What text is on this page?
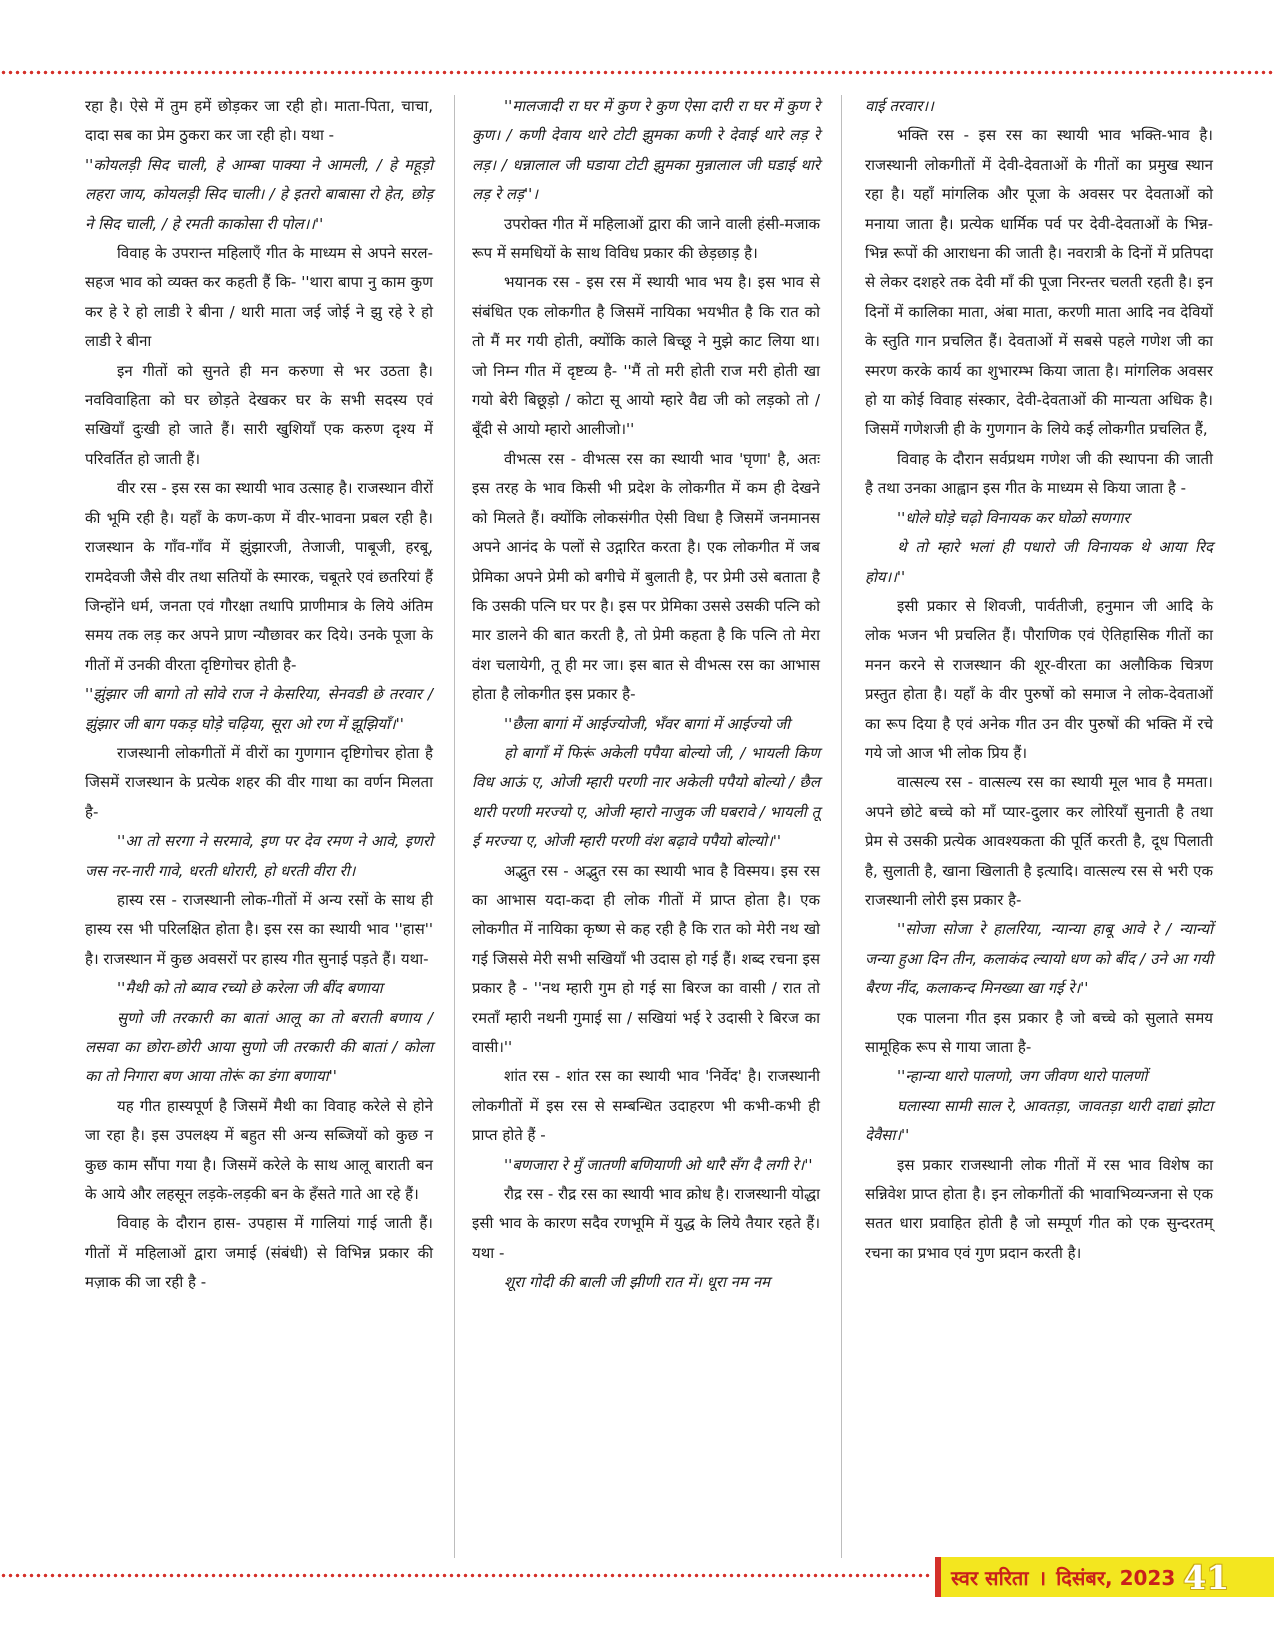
रहा है। ऐसे में तुम हमें छोड़कर जा रही हो। माता-पिता, चाचा, दादा सब का प्रेम ठुकरा कर जा रही हो। यथा -

''कोयलड़ी सिद चाली, हे आम्बा पाक्या ने आमली, / हे महूड़ो लहरा जाय, कोयलड़ी सिद चाली। / हे इतरो बाबासा रो हेत, छोड़ ने सिद चाली, / हे रमती काकोसा री पोल।।''

विवाह के उपरान्त महिलाएँ गीत के माध्यम से अपने सरल-सहज भाव को व्यक्त कर कहती हैं कि- ''थारा बापा नु काम कुण कर हे रे हो लाडी रे बीना / थारी माता जई जोई ने झु रहे रे हो लाडी रे बीना

इन गीतों को सुनते ही मन करुणा से भर उठता है। नवविवाहिता को घर छोड़ते देखकर घर के सभी सदस्य एवं सखियाँ दुःखी हो जाते हैं। सारी खुशियाँ एक करुण दृश्य में परिवर्तित हो जाती हैं।

वीर रस - इस रस का स्थायी भाव उत्साह है। राजस्थान वीरों की भूमि रही है। यहाँ के कण-कण में वीर-भावना प्रबल रही है। राजस्थान के गाँव-गाँव में झुंझारजी, तेजाजी, पाबूजी, हरबू, रामदेवजी जैसे वीर तथा सतियों के स्मारक, चबूतरे एवं छतरियां हैं जिन्होंने धर्म, जनता एवं गौरक्षा तथापि प्राणीमात्र के लिये अंतिम समय तक लड़ कर अपने प्राण न्यौछावर कर दिये। उनके पूजा के गीतों में उनकी वीरता दृष्टिगोचर होती है-

''झुंझार जी बागो तो सोवे राज ने केसरिया, सेनवडी छे तरवार / झुंझार जी बाग पकड़ घोड़े चढ़िया, सूरा ओ रण में झूझियाँ।''

राजस्थानी लोकगीतों में वीरों का गुणगान दृष्टिगोचर होता है जिसमें राजस्थान के प्रत्येक शहर की वीर गाथा का वर्णन मिलता है-

''आ तो सरगा ने सरमावे, इण पर देव रमण ने आवे, इणरो जस नर-नारी गावे, धरती धोरारी, हो धरती वीरा री।

हास्य रस - राजस्थानी लोक-गीतों में अन्य रसों के साथ ही हास्य रस भी परिलक्षित होता है। इस रस का स्थायी भाव ''हास'' है। राजस्थान में कुछ अवसरों पर हास्य गीत सुनाई पड़ते हैं। यथा-

''मैथी को तो ब्याव रच्यो छे करेला जी बींद बणाया

सुणो जी तरकारी का बातां आलू का तो बराती बणाय / लसवा का छोरा-छोरी आया सुणो जी तरकारी की बातां / कोला का तो निगारा बण आया तोरूं का डंगा बणाया''

यह गीत हास्यपूर्ण है जिसमें मैथी का विवाह करेले से होने जा रहा है। इस उपलक्ष्य में बहुत सी अन्य सब्जियों को कुछ न कुछ काम सौंपा गया है। जिसमें करेले के साथ आलू बाराती बन के आये और लहसून लड़के-लड़की बन के हँसते गाते आ रहे हैं।

विवाह के दौरान हास- उपहास में गालियां गाई जाती हैं। गीतों में महिलाओं द्वारा जमाई (संबंधी) से विभिन्न प्रकार की मज़ाक की जा रही है -

''मालजादी रा घर में कुण रे कुण ऐसा दारी रा घर में कुण रे कुण। / कणी देवाय थारे टोटी झुमका कणी रे देवाई थारे लड़ रे लड़। / धन्नालाल जी घडाया टोटी झुमका मुन्नालाल जी घडाई थारे लड़ रे लड़''।

उपरोक्त गीत में महिलाओं द्वारा की जाने वाली हंसी-मजाक रूप में समधियों के साथ विविध प्रकार की छेड़छाड़ है।

भयानक रस - इस रस में स्थायी भाव भय है। इस भाव से संबंधित एक लोकगीत है जिसमें नायिका भयभीत है कि रात को तो मैं मर गयी होती, क्योंकि काले बिच्छू ने मुझे काट लिया था। जो निम्न गीत में दृष्टव्य है- ''मैं तो मरी होती राज मरी होती खा गयो बेरी बिछूड़ो / कोटा सू आयो म्हारे वैद्य जी को लड़को तो / बूँदी से आयो म्हारो आलीजो।''

वीभत्स रस - वीभत्स रस का स्थायी भाव 'घृणा' है, अतः इस तरह के भाव किसी भी प्रदेश के लोकगीत में कम ही देखने को मिलते हैं। क्योंकि लोकसंगीत ऐसी विधा है जिसमें जनमानस अपने आनंद के पलों से उद्गारित करता है। एक लोकगीत में जब प्रेमिका अपने प्रेमी को बगीचे में बुलाती है, पर प्रेमी उसे बताता है कि उसकी पत्नि घर पर है। इस पर प्रेमिका उससे उसकी पत्नि को मार डालने की बात करती है, तो प्रेमी कहता है कि पत्नि तो मेरा वंश चलायेगी, तू ही मर जा। इस बात से वीभत्स रस का आभास होता है लोकगीत इस प्रकार है-

''छैला बागां में आईज्योजी, भँवर बागां में आईज्यो जी

हो बागाँ में फिरूं अकेली पपैया बोल्यो जी, / भायली किण विध आऊं ए, ओजी म्हारी परणी नार अकेली पपैयो बोल्यो / छैल थारी परणी मरज्यो ए, ओजी म्हारो नाजुक जी घबरावे / भायली तू ई मरज्या ए, ओजी म्हारी परणी वंश बढ़ावे पपैयो बोल्यो।''

अद्भुत रस - अद्भुत रस का स्थायी भाव है विस्मय। इस रस का आभास यदा-कदा ही लोक गीतों में प्राप्त होता है। एक लोकगीत में नायिका कृष्ण से कह रही है कि रात को मेरी नथ खो गई जिससे मेरी सभी सखियाँ भी उदास हो गई हैं। शब्द रचना इस प्रकार है - ''नथ म्हारी गुम हो गई सा बिरज का वासी / रात तो रमताँ म्हारी नथनी गुमाई सा / सखियां भई रे उदासी रे बिरज का वासी।''

शांत रस - शांत रस का स्थायी भाव 'निर्वेद' है। राजस्थानी लोकगीतों में इस रस से सम्बन्धित उदाहरण भी कभी-कभी ही प्राप्त होते हैं -

''बणजारा रे मुँ जातणी बणियाणी ओ थारै सँग दै लगी रे।''

रौद्र रस - रौद्र रस का स्थायी भाव क्रोध है। राजस्थानी योद्धा इसी भाव के कारण सदैव रणभूमि में युद्ध के लिये तैयार रहते हैं। यथा -

शूरा गोदी की बाली जी झीणी रात में। धूरा नम नम

वाई तरवार।।

भक्ति रस - इस रस का स्थायी भाव भक्ति-भाव है। राजस्थानी लोकगीतों में देवी-देवताओं के गीतों का प्रमुख स्थान रहा है। यहाँ मांगलिक और पूजा के अवसर पर देवताओं को मनाया जाता है। प्रत्येक धार्मिक पर्व पर देवी-देवताओं के भिन्न-भिन्न रूपों की आराधना की जाती है। नवरात्री के दिनों में प्रतिपदा से लेकर दशहरे तक देवी माँ की पूजा निरन्तर चलती रहती है। इन दिनों में कालिका माता, अंबा माता, करणी माता आदि नव देवियों के स्तुति गान प्रचलित हैं। देवताओं में सबसे पहले गणेश जी का स्मरण करके कार्य का शुभारम्भ किया जाता है। मांगलिक अवसर हो या कोई विवाह संस्कार, देवी-देवताओं की मान्यता अधिक है। जिसमें गणेशजी ही के गुणगान के लिये कई लोकगीत प्रचलित हैं,

विवाह के दौरान सर्वप्रथम गणेश जी की स्थापना की जाती है तथा उनका आह्वान इस गीत के माध्यम से किया जाता है -

''धोले घोड़े चढ़ो विनायक कर घोळो सणगार

थे तो म्हारे भलां ही पधारो जी विनायक थे आया रिद होय।।''

इसी प्रकार से शिवजी, पार्वतीजी, हनुमान जी आदि के लोक भजन भी प्रचलित हैं। पौराणिक एवं ऐतिहासिक गीतों का मनन करने से राजस्थान की शूर-वीरता का अलौकिक चित्रण प्रस्तुत होता है। यहाँ के वीर पुरुषों को समाज ने लोक-देवताओं का रूप दिया है एवं अनेक गीत उन वीर पुरुषों की भक्ति में रचे गये जो आज भी लोक प्रिय हैं।

वात्सल्य रस - वात्सल्य रस का स्थायी मूल भाव है ममता। अपने छोटे बच्चे को माँ प्यार-दुलार कर लोरियाँ सुनाती है तथा प्रेम से उसकी प्रत्येक आवश्यकता की पूर्ति करती है, दूध पिलाती है, सुलाती है, खाना खिलाती है इत्यादि। वात्सल्य रस से भरी एक राजस्थानी लोरी इस प्रकार है-

''सोजा सोजा रे हालरिया, न्यान्या हाबू आवे रे / न्यान्यों जन्या हुआ दिन तीन, कलाकंद ल्यायो धण को बींद / उने आ गयी बैरण नींद, कलाकन्द मिनख्या खा गई रे।''

एक पालना गीत इस प्रकार है जो बच्चे को सुलाते समय सामूहिक रूप से गाया जाता है-

''न्हान्या थारो पालणो, जग जीवण थारो पालणों

घलास्या सामी साल रे, आवतड़ा, जावतड़ा थारी दाद्यां झोटा देवैसा।''

इस प्रकार राजस्थानी लोक गीतों में रस भाव विशेष का सन्निवेश प्राप्त होता है। इन लोकगीतों की भावाभिव्यन्जना से एक सतत धारा प्रवाहित होती है जो सम्पूर्ण गीत को एक सुन्दरतम् रचना का प्रभाव एवं गुण प्रदान करती है।

स्वर सरिता । दिसंबर, 2023 41
